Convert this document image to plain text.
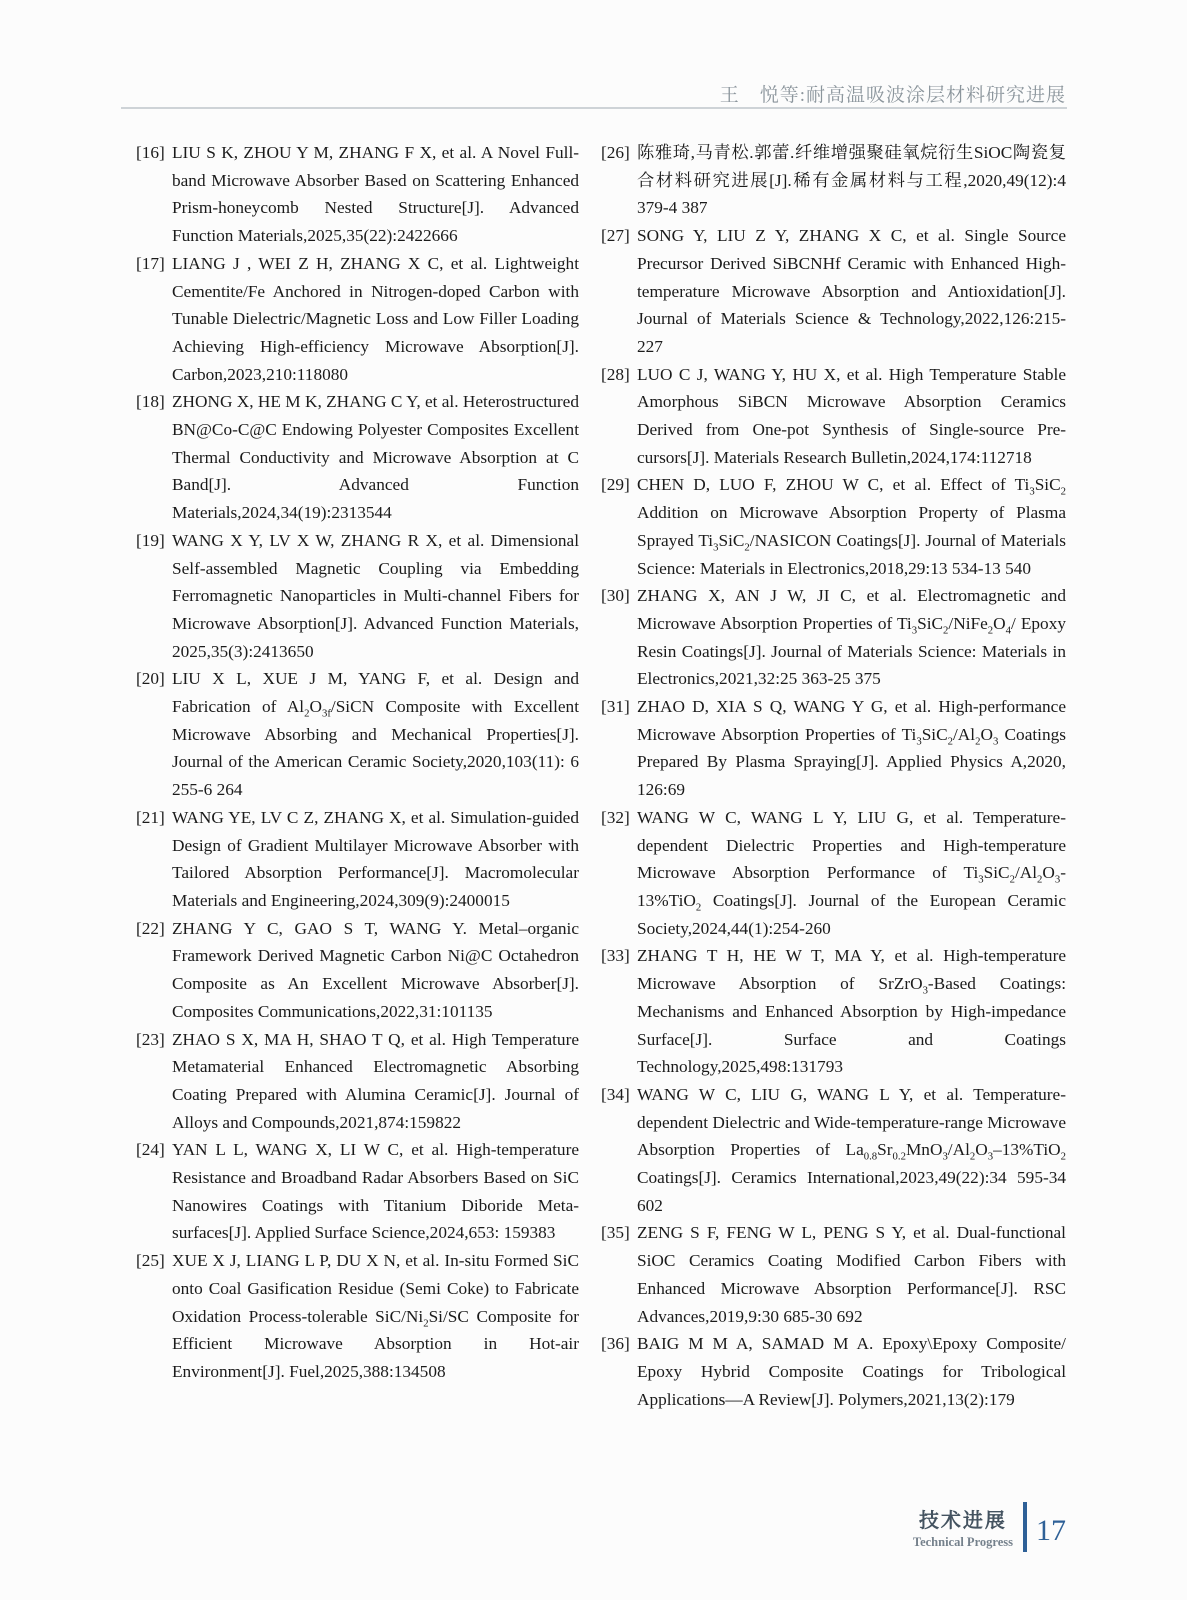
王　悦等:耐高温吸波涂层材料研究进展
[16] LIU S K, ZHOU Y M, ZHANG F X, et al. A Novel Full-band Microwave Absorber Based on Scattering Enhanced Prism-honeycomb Nested Structure[J]. Advanced Function Materials,2025,35(22):2422666
[17] LIANG J , WEI Z H, ZHANG X C, et al. Lightweight Cementite/Fe Anchored in Nitrogen-doped Carbon with Tunable Dielectric/Magnetic Loss and Low Filler Loading Achieving High-efficiency Microwave Absorption[J]. Carbon,2023,210:118080
[18] ZHONG X, HE M K, ZHANG C Y, et al. Heterostructured BN@Co-C@C Endowing Polyester Composites Excellent Thermal Conductivity and Microwave Absorption at C Band[J]. Advanced Function Materials,2024,34(19):2313544
[19] WANG X Y, LV X W, ZHANG R X, et al. Dimensional Self-assembled Magnetic Coupling via Embedding Ferromagnetic Nanoparticles in Multi-channel Fibers for Microwave Absorption[J]. Advanced Function Materials, 2025,35(3):2413650
[20] LIU X L, XUE J M, YANG F, et al. Design and Fabrication of $Al_2O_{3f}$/SiCN Composite with Excellent Microwave Absorbing and Mechanical Properties[J]. Journal of the American Ceramic Society,2020,103(11): 6 255-6 264
[21] WANG YE, LV C Z, ZHANG X, et al. Simulation-guided Design of Gradient Multilayer Microwave Absorber with Tailored Absorption Performance[J]. Macromolecular Materials and Engineering,2024,309(9):2400015
[22] ZHANG Y C, GAO S T, WANG Y. Metal–organic Framework Derived Magnetic Carbon Ni@C Octahedron Composite as An Excellent Microwave Absorber[J]. Composites Communications,2022,31:101135
[23] ZHAO S X, MA H, SHAO T Q, et al. High Temperature Metamaterial Enhanced Electromagnetic Absorbing Coating Prepared with Alumina Ceramic[J]. Journal of Alloys and Compounds,2021,874:159822
[24] YAN L L, WANG X, LI W C, et al. High-temperature Resistance and Broadband Radar Absorbers Based on SiC Nanowires Coatings with Titanium Diboride Meta-surfaces[J]. Applied Surface Science,2024,653: 159383
[25] XUE X J, LIANG L P, DU X N, et al. In-situ Formed SiC onto Coal Gasification Residue (Semi Coke) to Fabricate Oxidation Process-tolerable SiC/$Ni_2Si/SC$ Composite for Efficient Microwave Absorption in Hot-air Environment[J]. Fuel,2025,388:134508
[26] 陈雅琦,马青松.郭蕾.纤维增强聚硅氧烷衍生SiOC陶瓷复合材料研究进展[J].稀有金属材料与工程,2020,49(12):4 379-4 387
[27] SONG Y, LIU Z Y, ZHANG X C, et al. Single Source Precursor Derived SiBCNHf Ceramic with Enhanced High-temperature Microwave Absorption and Antioxidation[J]. Journal of Materials Science & Technology,2022,126:215-227
[28] LUO C J, WANG Y, HU X, et al. High Temperature Stable Amorphous SiBCN Microwave Absorption Ceramics Derived from One-pot Synthesis of Single-source Pre-cursors[J]. Materials Research Bulletin,2024,174:112718
[29] CHEN D, LUO F, ZHOU W C, et al. Effect of $Ti_3SiC_2$ Addition on Microwave Absorption Property of Plasma Sprayed $Ti_3SiC_2$/NASICON Coatings[J]. Journal of Materials Science: Materials in Electronics,2018,29:13 534-13 540
[30] ZHANG X, AN J W, JI C, et al. Electromagnetic and Microwave Absorption Properties of $Ti_3SiC_2/NiFe_2O_4/$ Epoxy Resin Coatings[J]. Journal of Materials Science: Materials in Electronics,2021,32:25 363-25 375
[31] ZHAO D, XIA S Q, WANG Y G, et al. High-performance Microwave Absorption Properties of $Ti_3SiC_2/Al_2O_3$ Coatings Prepared By Plasma Spraying[J]. Applied Physics A,2020, 126:69
[32] WANG W C, WANG L Y, LIU G, et al. Temperature-dependent Dielectric Properties and High-temperature Microwave Absorption Performance of $Ti_3SiC_2/Al_2O_3-13\%TiO_2$ Coatings[J]. Journal of the European Ceramic Society,2024,44(1):254-260
[33] ZHANG T H, HE W T, MA Y, et al. High-temperature Microwave Absorption of SrZrO$_3$-Based Coatings: Mechanisms and Enhanced Absorption by High-impedance Surface[J]. Surface and Coatings Technology,2025,498:131793
[34] WANG W C, LIU G, WANG L Y, et al. Temperature-dependent Dielectric and Wide-temperature-range Microwave Absorption Properties of $La_{0.8}Sr_{0.2}MnO_3/Al_2O_3-13\%TiO_2$ Coatings[J]. Ceramics International,2023,49(22):34 595-34 602
[35] ZENG S F, FENG W L, PENG S Y, et al. Dual-functional SiOC Ceramics Coating Modified Carbon Fibers with Enhanced Microwave Absorption Performance[J]. RSC Advances,2019,9:30 685-30 692
[36] BAIG M M A, SAMAD M A. Epoxy\Epoxy Composite/ Epoxy Hybrid Composite Coatings for Tribological Applications—A Review[J]. Polymers,2021,13(2):179
技术进展
Technical Progress 17
